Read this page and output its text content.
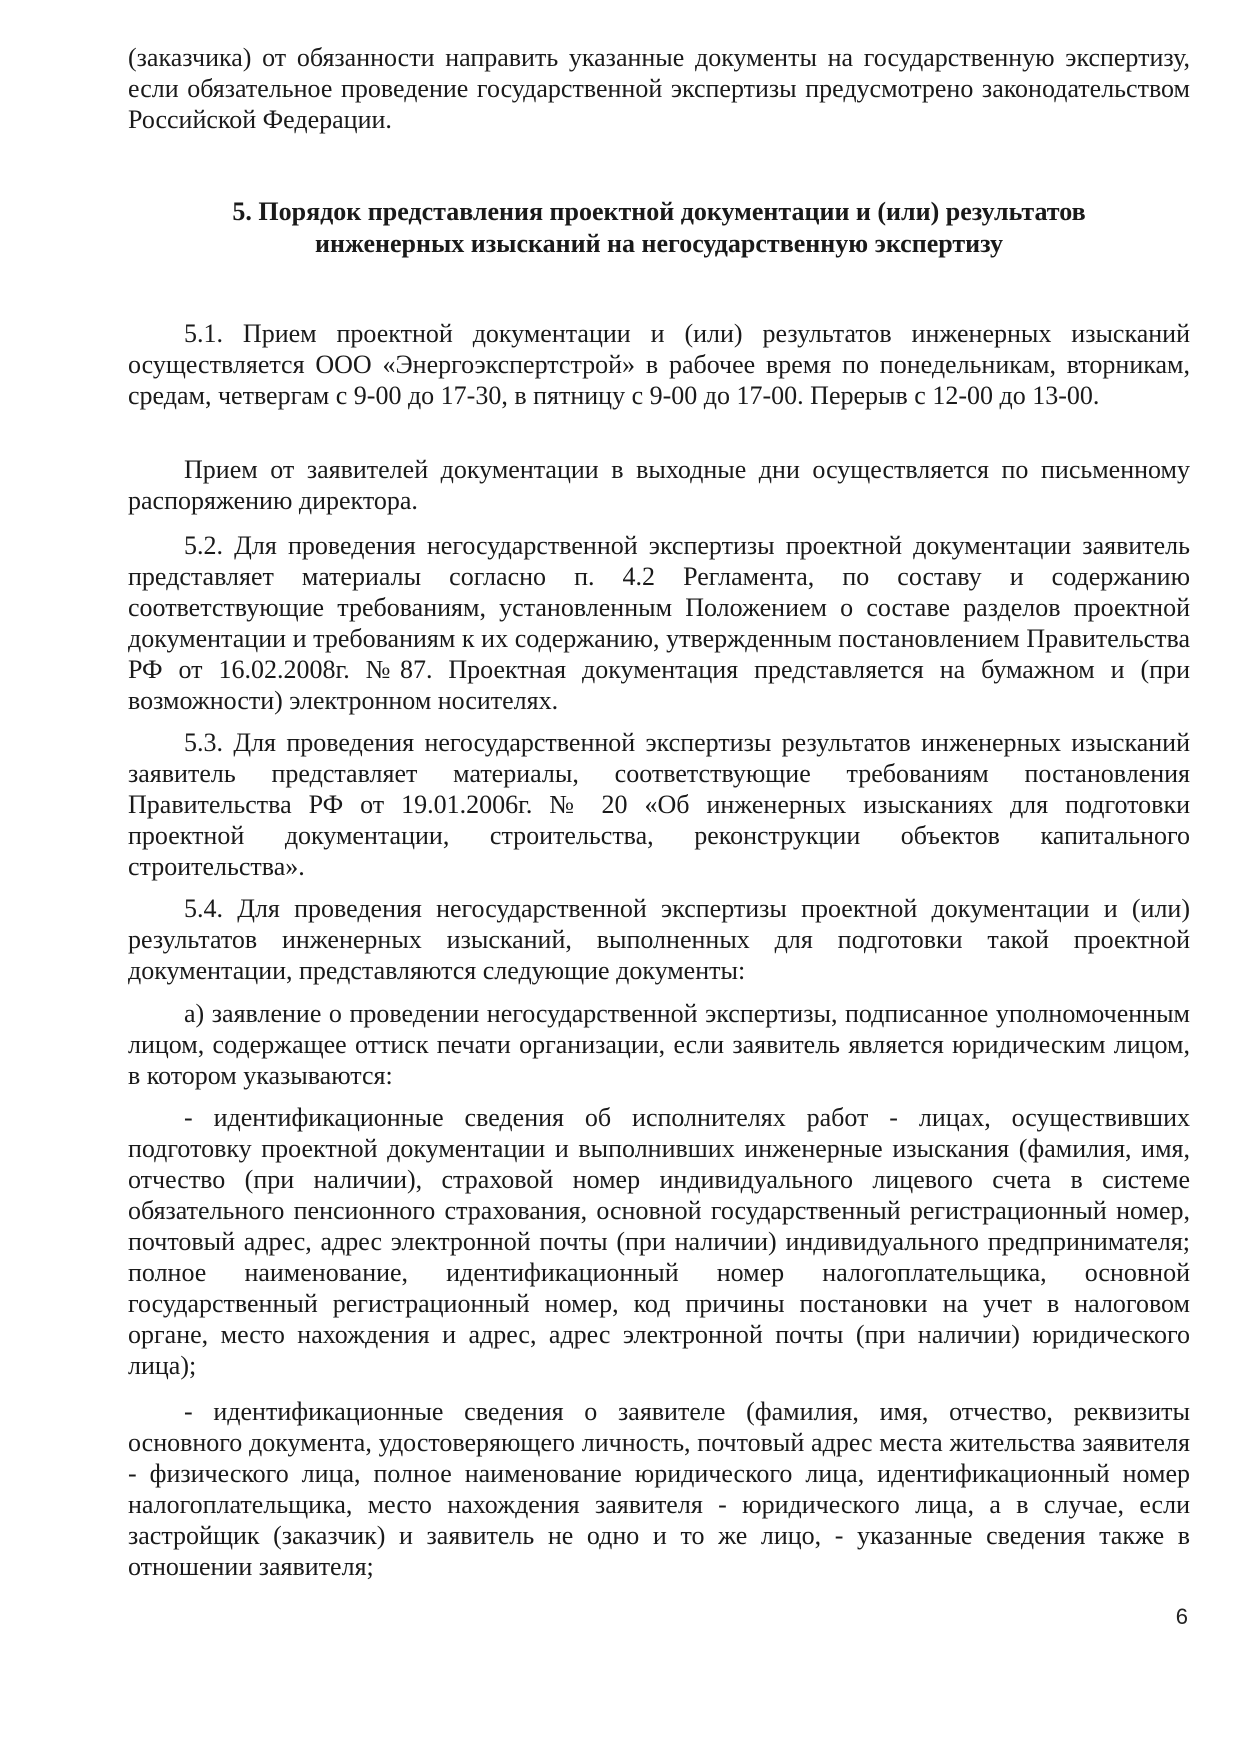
(заказчика) от обязанности направить указанные документы на государственную экспертизу, если обязательное проведение государственной экспертизы предусмотрено законодательством Российской Федерации.

5. Порядок представления проектной документации и (или) результатов

инженерных изысканий на негосударственную экспертизу

5.1. Прием проектной документации и (или) результатов инженерных изысканий осуществляется ООО «Энергоэкспертстрой» в рабочее время по понедельникам, вторникам, средам, четвергам с 9-00 до 17-30, в пятницу с 9-00 до 17-00. Перерыв с 12-00 до 13-00.

Прием от заявителей документации в выходные дни осуществляется по письменному распоряжению директора.

5.2. Для проведения негосударственной экспертизы проектной документации заявитель представляет материалы согласно п. 4.2 Регламента, по составу и содержанию соответствующие требованиям, установленным Положением о составе разделов проектной документации и требованиям к их содержанию, утвержденным постановлением Правительства РФ от 16.02.2008г. №87. Проектная документация представляется на бумажном и (при возможности) электронном носителях.

5.3. Для проведения негосударственной экспертизы результатов инженерных изысканий заявитель представляет материалы, соответствующие требованиям постановления Правительства РФ от 19.01.2006г. № 20 «Об инженерных изысканиях для подготовки проектной документации, строительства, реконструкции объектов капитального строительства».

5.4. Для проведения негосударственной экспертизы проектной документации и (или) результатов инженерных изысканий, выполненных для подготовки такой проектной документации, представляются следующие документы:

а) заявление о проведении негосударственной экспертизы, подписанное уполномоченным лицом, содержащее оттиск печати организации, если заявитель является юридическим лицом, в котором указываются:

- идентификационные сведения об исполнителях работ - лицах, осуществивших подготовку проектной документации и выполнивших инженерные изыскания (фамилия, имя, отчество (при наличии), страховой номер индивидуального лицевого счета в системе обязательного пенсионного страхования, основной государственный регистрационный номер, почтовый адрес, адрес электронной почты (при наличии) индивидуального предпринимателя; полное наименование, идентификационный номер налогоплательщика, основной государственный регистрационный номер, код причины постановки на учет в налоговом органе, место нахождения и адрес, адрес электронной почты (при наличии) юридического лица);

- идентификационные сведения о заявителе (фамилия, имя, отчество, реквизиты основного документа, удостоверяющего личность, почтовый адрес места жительства заявителя - физического лица, полное наименование юридического лица, идентификационный номер налогоплательщика, место нахождения заявителя - юридического лица, а в случае, если застройщик (заказчик) и заявитель не одно и то же лицо, - указанные сведения также в отношении заявителя;

6
